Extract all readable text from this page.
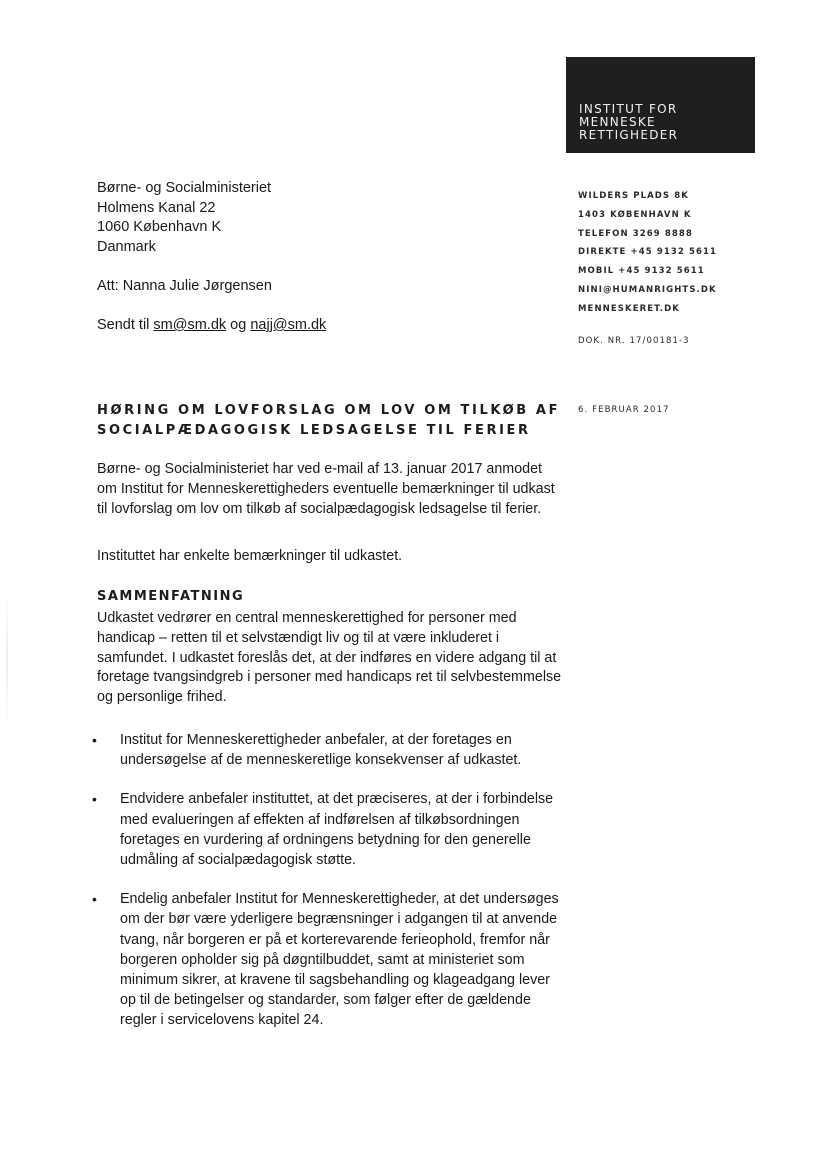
INSTITUT FOR
MENNESKE
RETTIGHEDER
Børne- og Socialministeriet
Holmens Kanal 22
1060 København K
Danmark
Att: Nanna Julie Jørgensen
Sendt til sm@sm.dk og najj@sm.dk
WILDERS PLADS 8K
1403 KØBENHAVN K
TELEFON 3269 8888
DIREKTE +45 9132 5611
MOBIL +45 9132 5611
NINI@HUMANRIGHTS.DK
MENNESKERET.DK
DOK. NR. 17/00181-3
6. FEBRUAR 2017
HØRING OM LOVFORSLAG OM LOV OM TILKØB AF
SOCIALPÆDAGOGISK LEDSAGELSE TIL FERIER
Børne- og Socialministeriet har ved e-mail af 13. januar 2017 anmodet om Institut for Menneskerettigheders eventuelle bemærkninger til udkast til lovforslag om lov om tilkøb af socialpædagogisk ledsagelse til ferier.
Instituttet har enkelte bemærkninger til udkastet.
SAMMENFATNING
Udkastet vedrører en central menneskerettighed for personer med handicap – retten til et selvstændigt liv og til at være inkluderet i samfundet. I udkastet foreslås det, at der indføres en videre adgang til at foretage tvangsindgreb i personer med handicaps ret til selvbestemmelse og personlige frihed.
•	Institut for Menneskerettigheder anbefaler, at der foretages en undersøgelse af de menneskeretlige konsekvenser af udkastet.
•	Endvidere anbefaler instituttet, at det præciseres, at der i forbindelse med evalueringen af effekten af indførelsen af tilkøbsordningen foretages en vurdering af ordningens betydning for den generelle udmåling af socialpædagogisk støtte.
•	Endelig anbefaler Institut for Menneskerettigheder, at det undersøges om der bør være yderligere begrænsninger i adgangen til at anvende tvang, når borgeren er på et korterevarende ferieophold, fremfor når borgeren opholder sig på døgntilbuddet, samt at ministeriet som minimum sikrer, at kravene til sagsbehandling og klageadgang lever op til de betingelser og standarder, som følger efter de gældende regler i servicelovens kapitel 24.
